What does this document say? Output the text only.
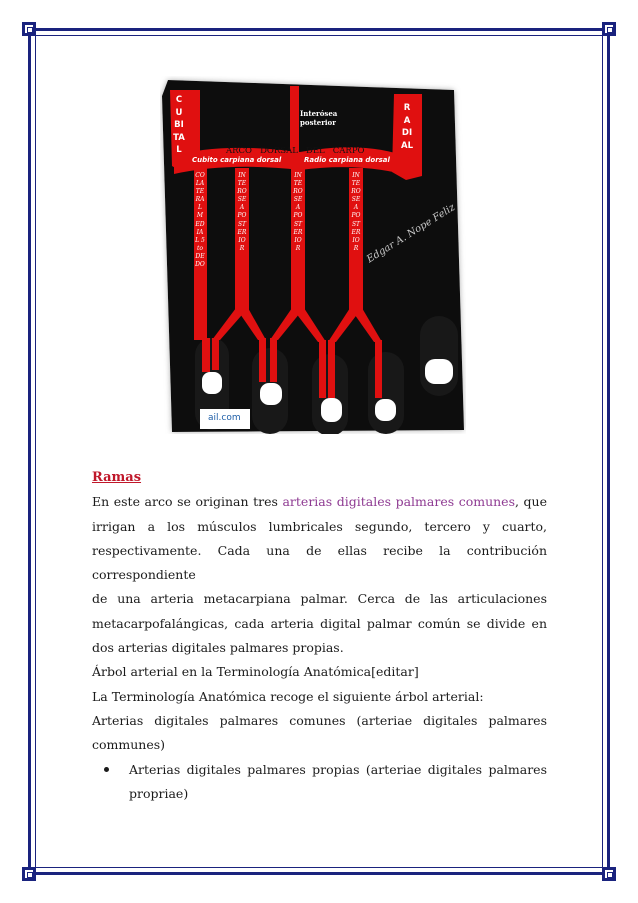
Interósea posterior
CUBITAL
RADIAL
ARCO   DORSAL   DEL   CARPO
Cubito carpiana dorsal	Radio carpiana dorsal
COLATERAL MEDIAL 5to DEDO
INTEROSEA POSTERIOR
INTEROSEA POSTERIOR
INTEROSEA POSTERIOR Edgar A. Nope Feliz
ail.com

Ramas

En este arco se originan tres arterias digitales palmares comunes, que

irrigan a los músculos lumbricales segundo, tercero y cuarto,

respectivamente. Cada una de ellas recibe la contribución correspondiente

de una arteria metacarpiana palmar. Cerca de las articulaciones

metacarpofalángicas, cada arteria digital palmar común se divide en

dos arterias digitales palmares propias.

Árbol arterial en la Terminología Anatómica[editar]

La Terminología Anatómica recoge el siguiente árbol arterial:

Arterias digitales palmares comunes (arteriae digitales palmares

communes)

Arterias digitales palmares propias (arteriae digitales palmares

propriae)
